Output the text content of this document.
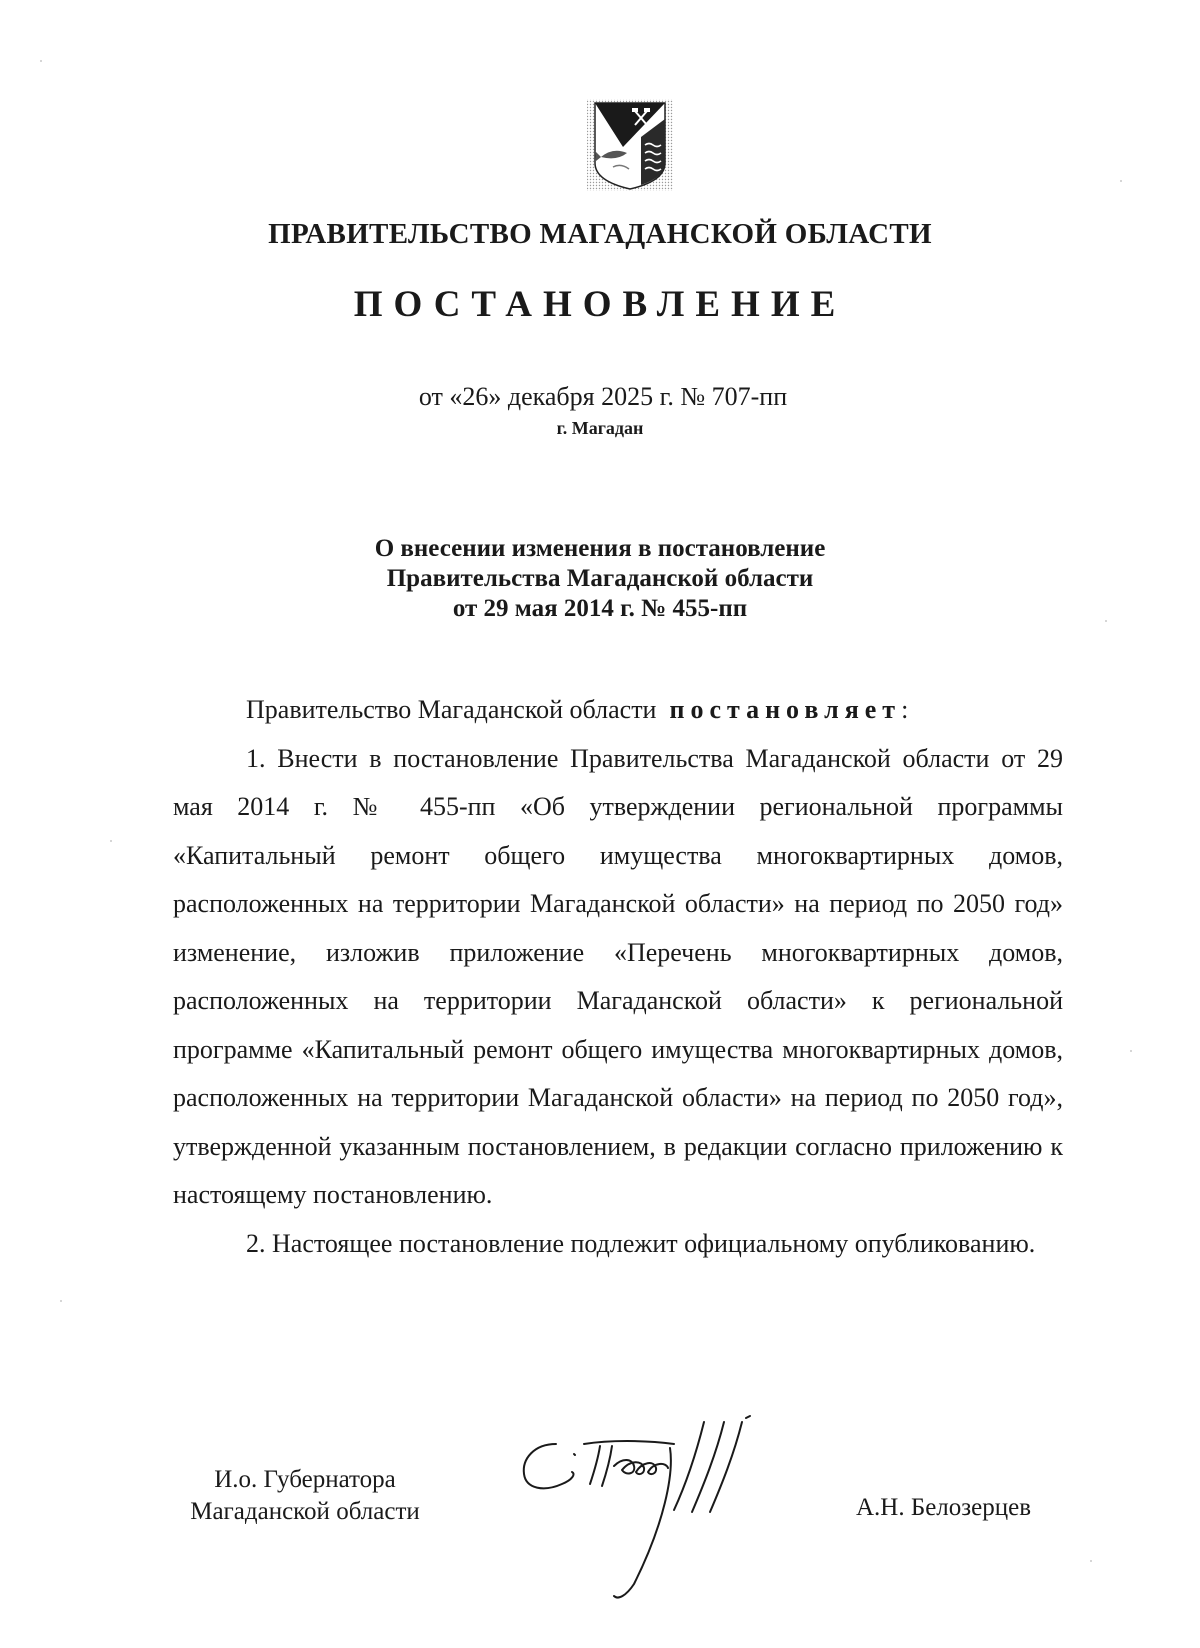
ПРАВИТЕЛЬСТВО МАГАДАНСКОЙ ОБЛАСТИ
ПОСТАНОВЛЕНИЕ
от «26» декабря 2025 г. № 707-пп
г. Магадан
О внесении изменения в постановление
Правительства Магаданской области
от 29 мая 2014 г. № 455-пп

Правительство Магаданской области постановляет:

1. Внести в постановление Правительства Магаданской области от 29 мая 2014 г. № 455-пп «Об утверждении региональной программы «Капитальный ремонт общего имущества многоквартирных домов, расположенных на территории Магаданской области» на период по 2050 год» изменение, изложив приложение «Перечень многоквартирных домов, расположенных на территории Магаданской области» к региональной программе «Капитальный ремонт общего имущества многоквартирных домов, расположенных на территории Магаданской области» на период по 2050 год», утвержденной указанным постановлением, в редакции согласно приложению к настоящему постановлению.

2. Настоящее постановление подлежит официальному опубликованию.

И.о. Губернатора
Магаданской области	А.Н. Белозерцев
